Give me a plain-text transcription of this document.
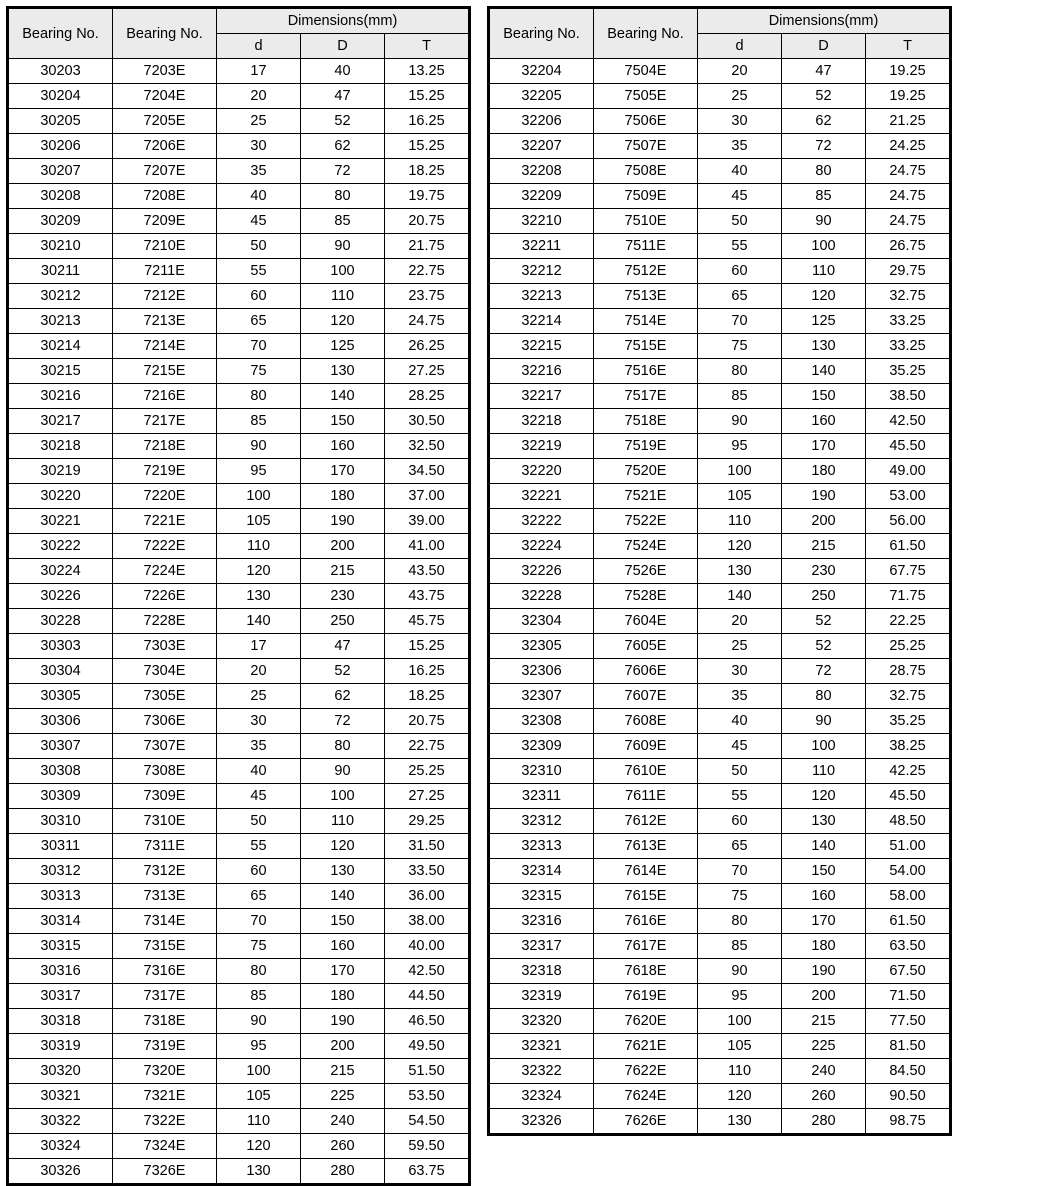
Bearing No.	Bearing No.	Dimensions(mm)		
		d	D	T
30203	7203E	17	40	13.25
30204	7204E	20	47	15.25
30205	7205E	25	52	16.25
30206	7206E	30	62	15.25
30207	7207E	35	72	18.25
30208	7208E	40	80	19.75
30209	7209E	45	85	20.75
30210	7210E	50	90	21.75
30211	7211E	55	100	22.75
30212	7212E	60	110	23.75
30213	7213E	65	120	24.75
30214	7214E	70	125	26.25
30215	7215E	75	130	27.25
30216	7216E	80	140	28.25
30217	7217E	85	150	30.50
30218	7218E	90	160	32.50
30219	7219E	95	170	34.50
30220	7220E	100	180	37.00
30221	7221E	105	190	39.00
30222	7222E	110	200	41.00
30224	7224E	120	215	43.50
30226	7226E	130	230	43.75
30228	7228E	140	250	45.75
30303	7303E	17	47	15.25
30304	7304E	20	52	16.25
30305	7305E	25	62	18.25
30306	7306E	30	72	20.75
30307	7307E	35	80	22.75
30308	7308E	40	90	25.25
30309	7309E	45	100	27.25
30310	7310E	50	110	29.25
30311	7311E	55	120	31.50
30312	7312E	60	130	33.50
30313	7313E	65	140	36.00
30314	7314E	70	150	38.00
30315	7315E	75	160	40.00
30316	7316E	80	170	42.50
30317	7317E	85	180	44.50
30318	7318E	90	190	46.50
30319	7319E	95	200	49.50
30320	7320E	100	215	51.50
30321	7321E	105	225	53.50
30322	7322E	110	240	54.50
30324	7324E	120	260	59.50
30326	7326E	130	280	63.75
Bearing No.	Bearing No.	Dimensions(mm)		
		d	D	T
32204	7504E	20	47	19.25
32205	7505E	25	52	19.25
32206	7506E	30	62	21.25
32207	7507E	35	72	24.25
32208	7508E	40	80	24.75
32209	7509E	45	85	24.75
32210	7510E	50	90	24.75
32211	7511E	55	100	26.75
32212	7512E	60	110	29.75
32213	7513E	65	120	32.75
32214	7514E	70	125	33.25
32215	7515E	75	130	33.25
32216	7516E	80	140	35.25
32217	7517E	85	150	38.50
32218	7518E	90	160	42.50
32219	7519E	95	170	45.50
32220	7520E	100	180	49.00
32221	7521E	105	190	53.00
32222	7522E	110	200	56.00
32224	7524E	120	215	61.50
32226	7526E	130	230	67.75
32228	7528E	140	250	71.75
32304	7604E	20	52	22.25
32305	7605E	25	52	25.25
32306	7606E	30	72	28.75
32307	7607E	35	80	32.75
32308	7608E	40	90	35.25
32309	7609E	45	100	38.25
32310	7610E	50	110	42.25
32311	7611E	55	120	45.50
32312	7612E	60	130	48.50
32313	7613E	65	140	51.00
32314	7614E	70	150	54.00
32315	7615E	75	160	58.00
32316	7616E	80	170	61.50
32317	7617E	85	180	63.50
32318	7618E	90	190	67.50
32319	7619E	95	200	71.50
32320	7620E	100	215	77.50
32321	7621E	105	225	81.50
32322	7622E	110	240	84.50
32324	7624E	120	260	90.50
32326	7626E	130	280	98.75
